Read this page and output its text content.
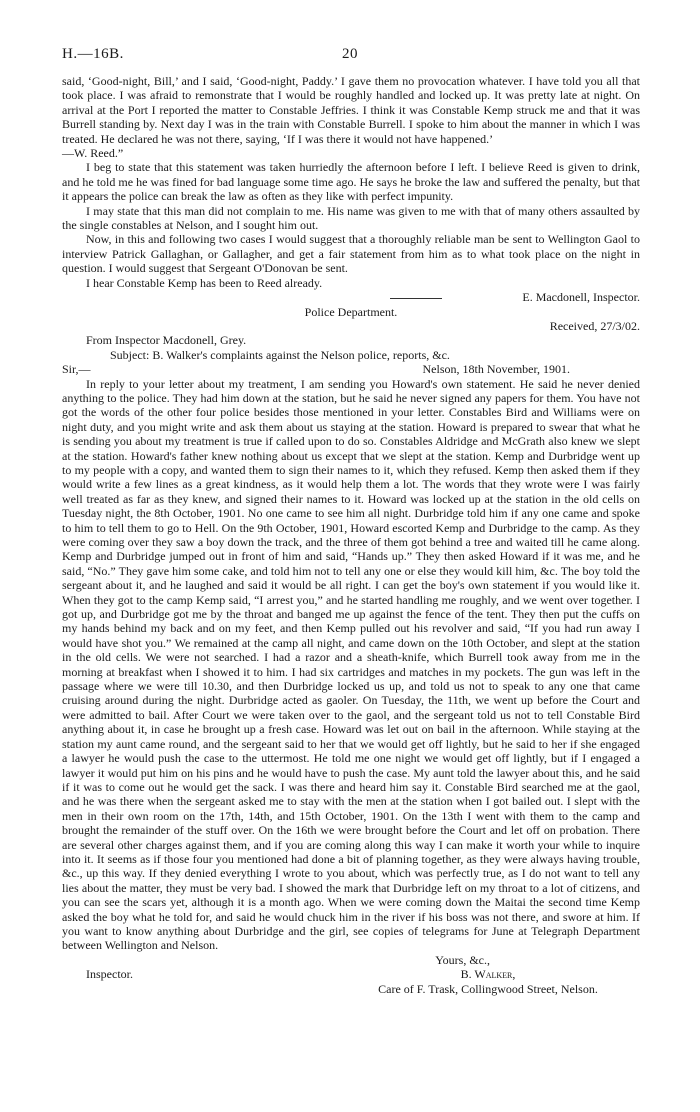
H.—16B.	20

said, ‘Good-night, Bill,’ and I said, ‘Good-night, Paddy.’ I gave them no provocation whatever. I have told you all that took place. I was afraid to remonstrate that I would be roughly handled and locked up. It was pretty late at night. On arrival at the Port I reported the matter to Constable Jeffries. I think it was Constable Kemp struck me and that it was Burrell standing by. Next day I was in the train with Constable Burrell. I spoke to him about the manner in which I was treated. He declared he was not there, saying, ‘If I was there it would not have happened.’

—W. Reed.”

I beg to state that this statement was taken hurriedly the afternoon before I left. I believe Reed is given to drink, and he told me he was fined for bad language some time ago. He says he broke the law and suffered the penalty, but that it appears the police can break the law as often as they like with perfect impunity.

I may state that this man did not complain to me. His name was given to me with that of many others assaulted by the single constables at Nelson, and I sought him out.

Now, in this and following two cases I would suggest that a thoroughly reliable man be sent to Wellington Gaol to interview Patrick Gallaghan, or Gallagher, and get a fair statement from him as to what took place on the night in question. I would suggest that Sergeant O'Donovan be sent.

I hear Constable Kemp has been to Reed already.

E. Macdonell, Inspector.

Police Department.

Received, 27/3/02.

From Inspector Macdonell, Grey.

Subject: B. Walker's complaints against the Nelson police, reports, &c.

Sir,—	Nelson, 18th November, 1901.

In reply to your letter about my treatment, I am sending you Howard's own statement. He said he never denied anything to the police. They had him down at the station, but he said he never signed any papers for them. You have not got the words of the other four police besides those mentioned in your letter. Constables Bird and Williams were on night duty, and you might write and ask them about us staying at the station. Howard is prepared to swear that what he is sending you about my treatment is true if called upon to do so. Constables Aldridge and McGrath also knew we slept at the station. Howard's father knew nothing about us except that we slept at the station. Kemp and Durbridge went up to my people with a copy, and wanted them to sign their names to it, which they refused. Kemp then asked them if they would write a few lines as a great kindness, as it would help them a lot. The words that they wrote were I was fairly well treated as far as they knew, and signed their names to it. Howard was locked up at the station in the old cells on Tuesday night, the 8th October, 1901. No one came to see him all night. Durbridge told him if any one came and spoke to him to tell them to go to Hell. On the 9th October, 1901, Howard escorted Kemp and Durbridge to the camp. As they were coming over they saw a boy down the track, and the three of them got behind a tree and waited till he came along. Kemp and Durbridge jumped out in front of him and said, “Hands up.” They then asked Howard if it was me, and he said, “No.” They gave him some cake, and told him not to tell any one or else they would kill him, &c. The boy told the sergeant about it, and he laughed and said it would be all right. I can get the boy's own statement if you would like it. When they got to the camp Kemp said, “I arrest you,” and he started handling me roughly, and we went over together. I got up, and Durbridge got me by the throat and banged me up against the fence of the tent. They then put the cuffs on my hands behind my back and on my feet, and then Kemp pulled out his revolver and said, “If you had run away I would have shot you.” We remained at the camp all night, and came down on the 10th October, and slept at the station in the old cells. We were not searched. I had a razor and a sheath-knife, which Burrell took away from me in the morning at breakfast when I showed it to him. I had six cartridges and matches in my pockets. The gun was left in the passage where we were till 10.30, and then Durbridge locked us up, and told us not to speak to any one that came cruising around during the night. Durbridge acted as gaoler. On Tuesday, the 11th, we went up before the Court and were admitted to bail. After Court we were taken over to the gaol, and the sergeant told us not to tell Constable Bird anything about it, in case he brought up a fresh case. Howard was let out on bail in the afternoon. While staying at the station my aunt came round, and the sergeant said to her that we would get off lightly, but he said to her if she engaged a lawyer he would push the case to the uttermost. He told me one night we would get off lightly, but if I engaged a lawyer it would put him on his pins and he would have to push the case. My aunt told the lawyer about this, and he said if it was to come out he would get the sack. I was there and heard him say it. Constable Bird searched me at the gaol, and he was there when the sergeant asked me to stay with the men at the station when I got bailed out. I slept with the men in their own room on the 17th, 14th, and 15th October, 1901. On the 13th I went with them to the camp and brought the remainder of the stuff over. On the 16th we were brought before the Court and let off on probation. There are several other charges against them, and if you are coming along this way I can make it worth your while to inquire into it. It seems as if those four you mentioned had done a bit of planning together, as they were always having trouble, &c., up this way. If they denied everything I wrote to you about, which was perfectly true, as I do not want to tell any lies about the matter, they must be very bad. I showed the mark that Durbridge left on my throat to a lot of citizens, and you can see the scars yet, although it is a month ago. When we were coming down the Maitai the second time Kemp asked the boy what he told for, and said he would chuck him in the river if his boss was not there, and swore at him. If you want to know anything about Durbridge and the girl, see copies of telegrams for June at Telegraph Department between Wellington and Nelson.

Yours, &c.,

Inspector.	B. Walker,
Care of F. Trask, Collingwood Street, Nelson.
